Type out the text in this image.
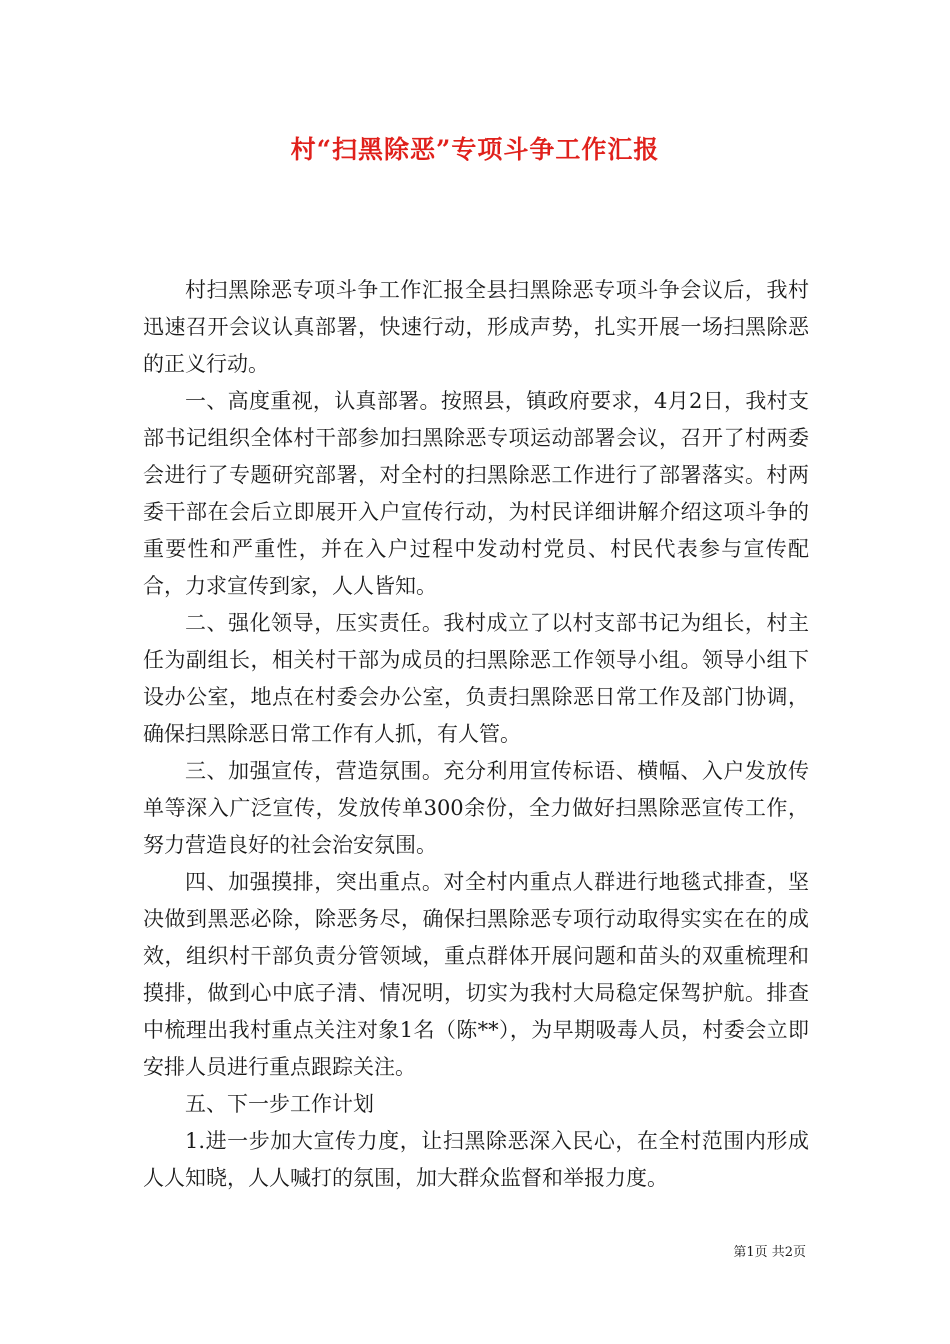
村“扫黑除恶”专项斗争工作汇报

村扫黑除恶专项斗争工作汇报全县扫黑除恶专项斗争会议后，我村迅速召开会议认真部署，快速行动，形成声势，扎实开展一场扫黑除恶的正义行动。

一、高度重视，认真部署。按照县，镇政府要求，4月2日，我村支部书记组织全体村干部参加扫黑除恶专项运动部署会议，召开了村两委会进行了专题研究部署，对全村的扫黑除恶工作进行了部署落实。村两委干部在会后立即展开入户宣传行动，为村民详细讲解介绍这项斗争的重要性和严重性，并在入户过程中发动村党员、村民代表参与宣传配合，力求宣传到家，人人皆知。

二、强化领导，压实责任。我村成立了以村支部书记为组长，村主任为副组长，相关村干部为成员的扫黑除恶工作领导小组。领导小组下设办公室，地点在村委会办公室，负责扫黑除恶日常工作及部门协调，确保扫黑除恶日常工作有人抓，有人管。

三、加强宣传，营造氛围。充分利用宣传标语、横幅、入户发放传单等深入广泛宣传，发放传单300余份，全力做好扫黑除恶宣传工作，努力营造良好的社会治安氛围。

四、加强摸排，突出重点。对全村内重点人群进行地毯式排查，坚决做到黑恶必除，除恶务尽，确保扫黑除恶专项行动取得实实在在的成效，组织村干部负责分管领域，重点群体开展问题和苗头的双重梳理和摸排，做到心中底子清、情况明，切实为我村大局稳定保驾护航。排查中梳理出我村重点关注对象1名（陈**），为早期吸毒人员，村委会立即安排人员进行重点跟踪关注。

五、下一步工作计划

1.进一步加大宣传力度，让扫黑除恶深入民心，在全村范围内形成人人知晓，人人喊打的氛围，加大群众监督和举报力度。

第1页 共2页
